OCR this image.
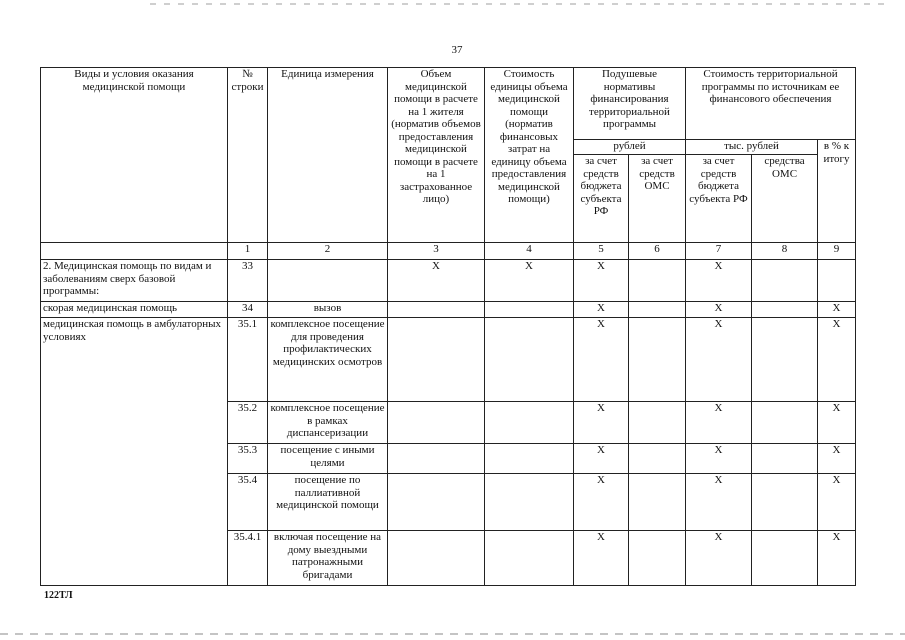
37
Виды и условия оказания медицинской помощи	№ строки	Единица измерения	Объем медицинской помощи в расчете на 1 жителя (норматив объемов предоставления медицинской помощи в расчете на 1 застрахованное лицо)	Стоимость единицы объема медицинской помощи (норматив финансовых затрат на единицу объема предоставления медицинской помощи)	Подушевые нормативы финансирования территориальной программы		Стоимость территориальной программы по источникам ее финансового обеспечения		
					рублей		тыс. рублей		в % к итогу
					за счет средств бюджета субъекта РФ	за счет средств ОМС	за счет средств бюджета субъекта РФ	средства ОМС	
	1	2	3	4	5	6	7	8	9
2. Медицинская помощь по видам и заболеваниям сверх базовой программы:	33		X	X	X		X		
скорая медицинская помощь	34	вызов			X		X		X
медицинская помощь в амбулаторных условиях	35.1	комплексное посещение для проведения профилактических медицинских осмотров			X		X		X
	35.2	комплексное посещение в рамках диспансеризации			X		X		X
	35.3	посещение с иными целями			X		X		X
	35.4	посещение по паллиативной медицинской помощи			X		X		X
	35.4.1	включая посещение на дому выездными патронажными бригадами			X		X		X
122ТЛ
